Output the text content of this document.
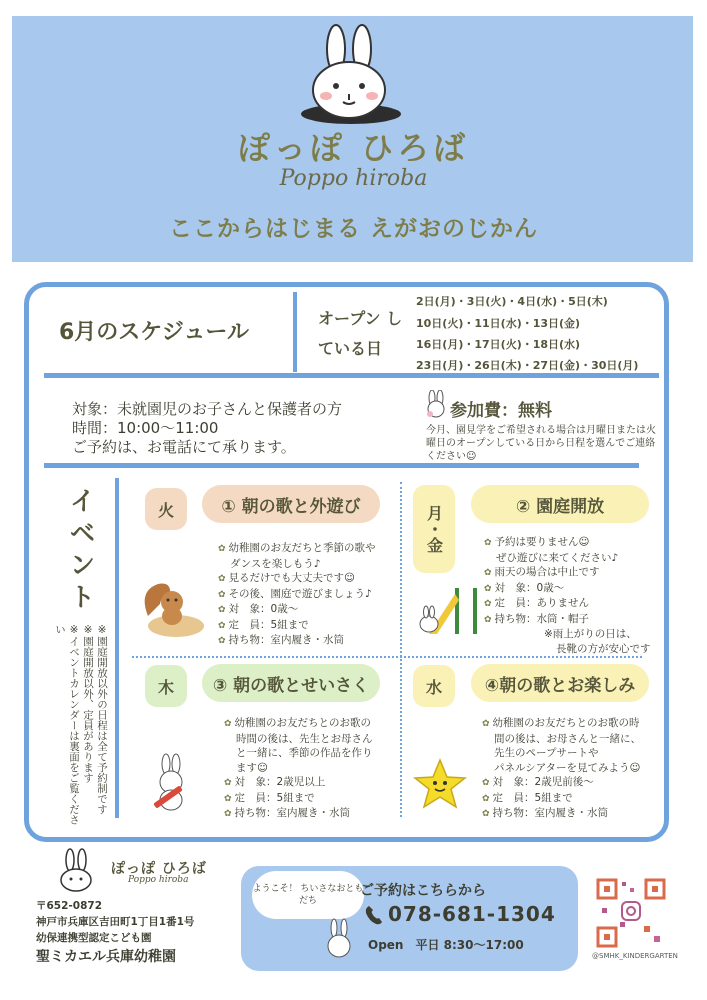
ぽっぽ ひろば
Poppo hiroba
ここからはじまる えがおのじかん
6月のスケジュール
オープン している日
2日(月)・3日(火)・4日(水)・5日(木)
10日(火)・11日(水)・13日(金)
16日(月)・17日(火)・18日(水)
23日(月)・26日(木)・27日(金)・30日(月)
対象：未就園児のお子さんと保護者の方
時間：10:00～11:00
ご予約は、お電話にて承ります。
参加費：無料
今月、園見学をご希望される場合は月曜日または火曜日のオープンしている日から日程を選んでご連絡ください☺
イベント
※園庭開放以外の日程は全て予約制です
※園庭開放以外、定員があります
※イベントカレンダーは裏面をご覧ください
火	① 朝の歌と外遊び
✿ 幼稚園のお友だちと季節の歌や
ダンスを楽しもう♪
✿ 見るだけでも大丈夫です☺
✿ その後、園庭で遊びましょう♪
✿ 対　象：0歳～
✿ 定　員：5組まで
✿ 持ち物：室内履き・水筒
月・金	② 園庭開放
✿ 予約は要りません☺
ぜひ遊びに来てください♪
✿ 雨天の場合は中止です
✿ 対　象：0歳～
✿ 定　員：ありません
✿ 持ち物：水筒・帽子
※雨上がりの日は、
長靴の方が安心です
木	③ 朝の歌とせいさく
✿ 幼稚園のお友だちとのお歌の
時間の後は、先生とお母さん
と一緒に、季節の作品を作り
ます☺
✿ 対　象：2歳児以上
✿ 定　員：5組まで
✿ 持ち物：室内履き・水筒
水	④朝の歌とお楽しみ
✿ 幼稚園のお友だちとのお歌の時
間の後は、お母さんと一緒に、
先生のペープサートや
パネルシアターを見てみよう☺
✿ 対　象：2歳児前後～
✿ 定　員：5組まで
✿ 持ち物：室内履き・水筒
ぽっぽ ひろば
Poppo hiroba
〒652-0872
神戸市兵庫区吉田町1丁目1番1号
幼保連携型認定こども園
聖ミカエル兵庫幼稚園
ようこそ！ ちいさなおともだち
ご予約はこちらから
078-681-1304
Open　平日 8:30～17:00
@SMHK_KINDERGARTEN
